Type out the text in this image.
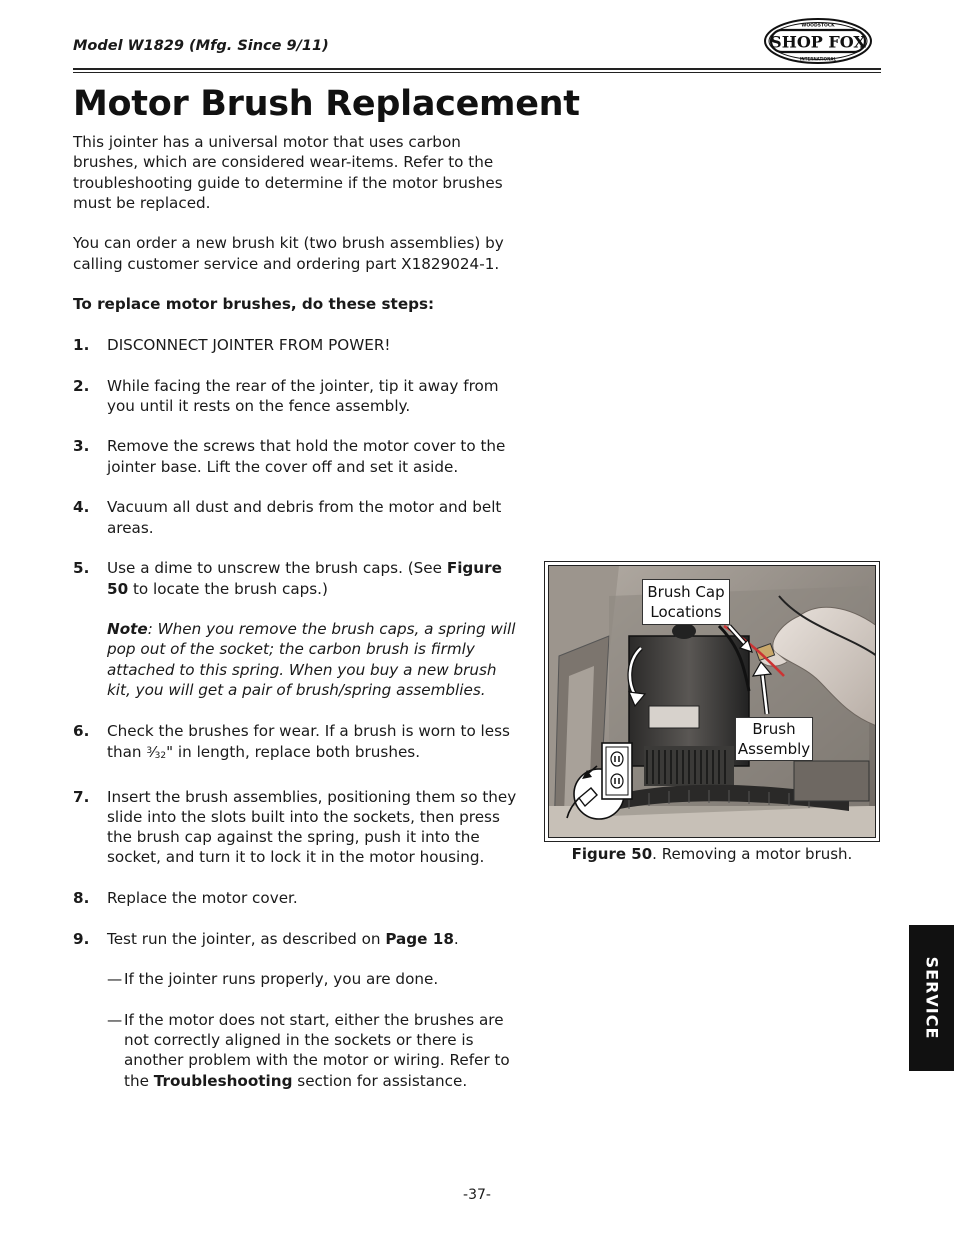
Model W1829 (Mfg. Since 9/11)	SHOP FOX
WOODSTOCK
INTERNATIONAL
Motor Brush Replacement

This jointer has a universal motor that uses carbon brushes, which are considered wear-items. Refer to the troubleshooting guide to determine if the motor brushes must be replaced.

You can order a new brush kit (two brush assemblies) by calling customer service and ordering part X1829024-1.

To replace motor brushes, do these steps:

1.	DISCONNECT JOINTER FROM POWER!
2.	While facing the rear of the jointer, tip it away from you until it rests on the fence assembly.
3.	Remove the screws that hold the motor cover to the jointer base. Lift the cover off and set it aside.
4.	Vacuum all dust and debris from the motor and belt areas.
5.	Use a dime to unscrew the brush caps. (See Figure 50 to locate the brush caps.)
Note: When you remove the brush caps, a spring will pop out of the socket; the carbon brush is firmly attached to this spring. When you buy a new brush kit, you will get a pair of brush/spring assemblies.
6.	Check the brushes for wear. If a brush is worn to less than $^3⁄_{32}$" in length, replace both brushes.
7.	Insert the brush assemblies, positioning them so they slide into the slots built into the sockets, then press the brush cap against the spring, push it into the socket, and turn it to lock it in the motor housing.
8.	Replace the motor cover.
9.	Test run the jointer, as described on Page 18.
— If the jointer runs properly, you are done.
— If the motor does not start, either the brushes are not correctly aligned in the sockets or there is another problem with the motor or wiring. Refer to the Troubleshooting section for assistance.
Brush Cap Locations
Brush Assembly
Figure 50. Removing a motor brush.
SERVICE
-37-
